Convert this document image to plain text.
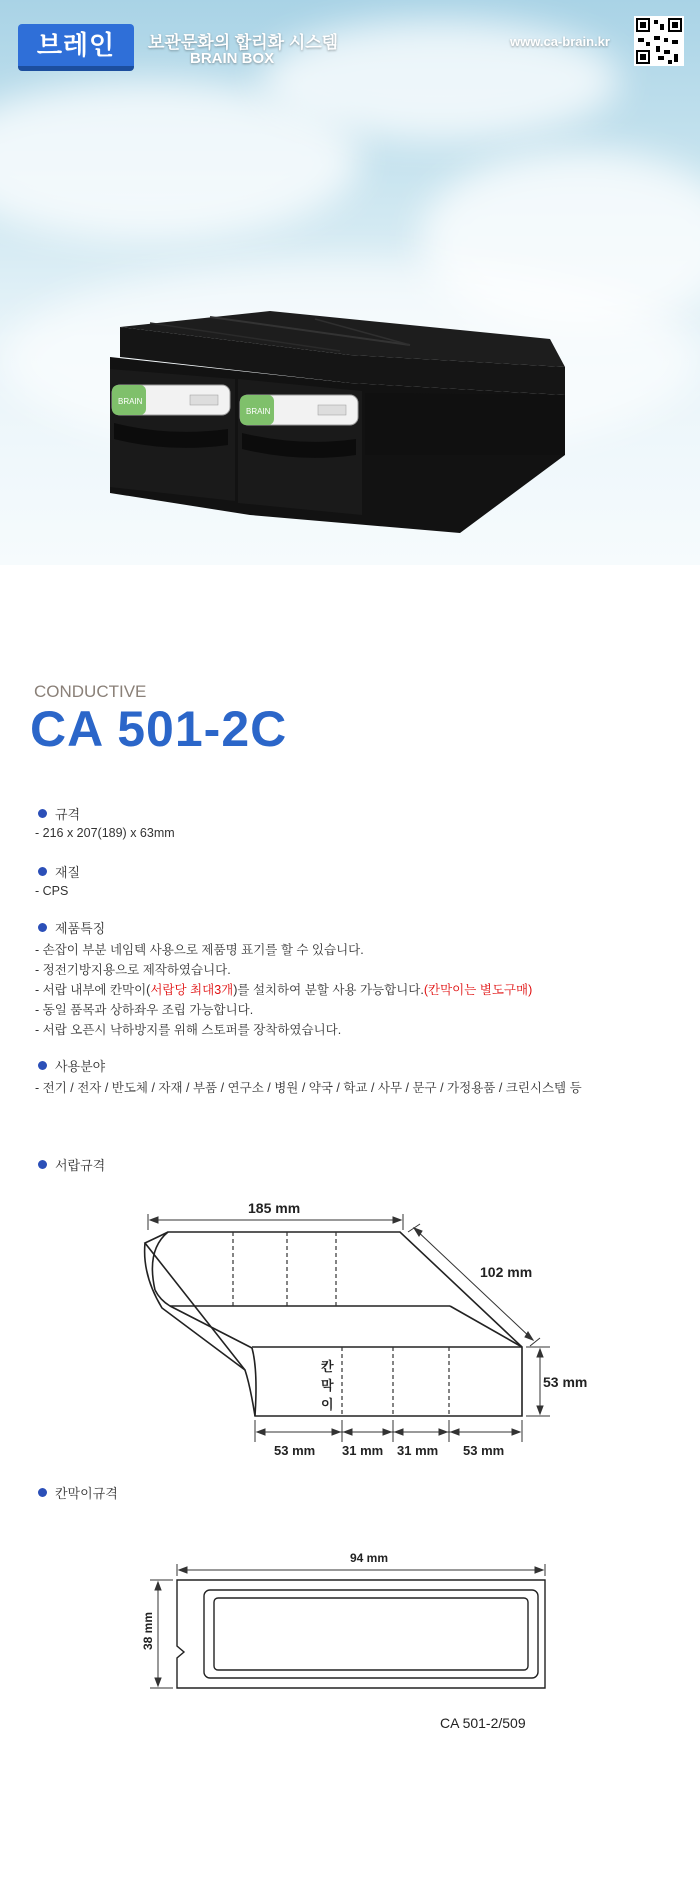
브레인	보관문화의 합리화 시스템
BRAIN BOX
www.ca-brain.kr
BRAIN
BRAIN
CONDUCTIVE
CA 501-2C
규격
- 216 x 207(189) x 63mm
재질
- CPS
제품특징
- 손잡이 부분 네임텍 사용으로 제품명 표기를 할 수 있습니다.
- 정전기방지용으로 제작하였습니다.
- 서랍 내부에 칸막이(서랍당 최대3개)를 설치하여 분할 사용 가능합니다.(칸막이는 별도구매)
- 동일 품목과 상하좌우 조립 가능합니다.
- 서랍 오픈시 낙하방지를 위해 스토퍼를 장착하였습니다.
사용분야
- 전기 / 전자 / 반도체 / 자재 / 부품 / 연구소 / 병원 / 약국 / 학교 / 사무 / 문구 / 가정용품 / 크린시스템 등
서랍규격
185 mm
102 mm
53 mm
칸
막
이
53 mm 31 mm 31 mm 53 mm
칸막이규격
94 mm
38 mm
CA 501-2/509
